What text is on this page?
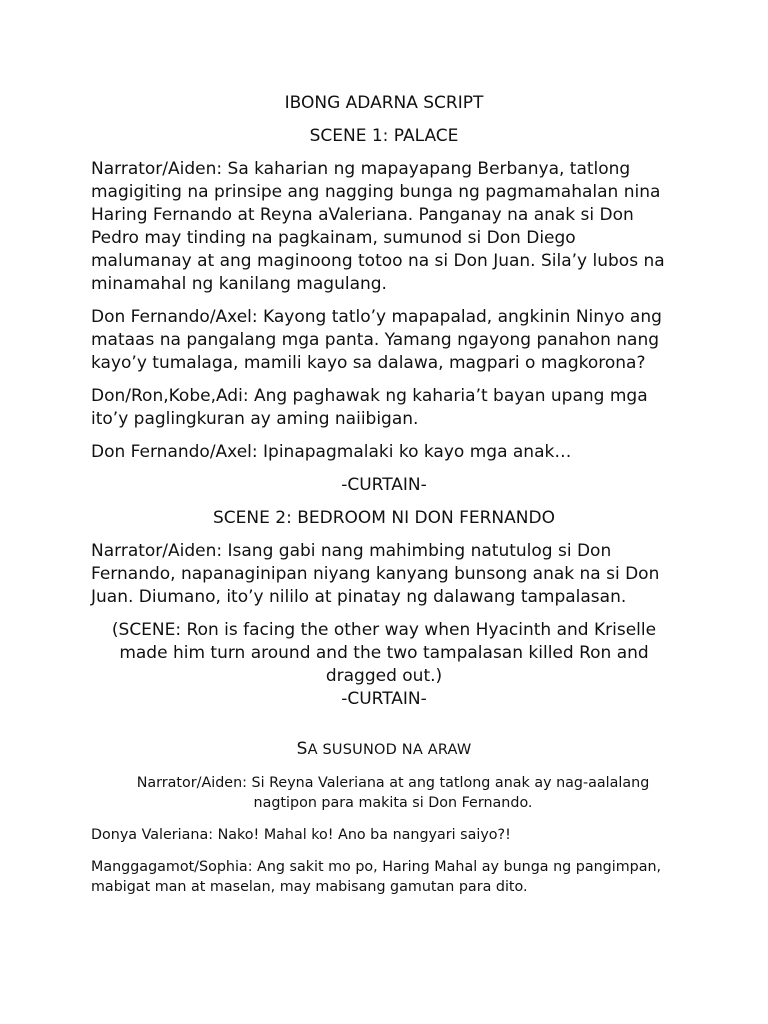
IBONG ADARNA SCRIPT
SCENE 1: PALACE
Narrator/Aiden: Sa kaharian ng mapayapang Berbanya, tatlong magigiting na prinsipe ang nagging bunga ng pagmamahalan nina Haring Fernando at Reyna aValeriana. Panganay na anak si Don Pedro may tinding na pagkainam, sumunod si Don Diego malumanay at ang maginoong totoo na si Don Juan. Sila’y lubos na minamahal ng kanilang magulang.
Don Fernando/Axel: Kayong tatlo’y mapapalad, angkinin Ninyo ang mataas na pangalang mga panta. Yamang ngayong panahon nang kayo’y tumalaga, mamili kayo sa dalawa, magpari o magkorona?
Don/Ron,Kobe,Adi: Ang paghawak ng kaharia’t bayan upang mga ito’y paglingkuran ay aming naiibigan.
Don Fernando/Axel: Ipinapagmalaki ko kayo mga anak…
-CURTAIN-
SCENE 2: BEDROOM NI DON FERNANDO
Narrator/Aiden: Isang gabi nang mahimbing natutulog si Don Fernando, napanaginipan niyang kanyang bunsong anak na si Don Juan. Diumano, ito’y nililo at pinatay ng dalawang tampalasan.
(SCENE: Ron is facing the other way when Hyacinth and Kriselle made him turn around and the two tampalasan killed Ron and dragged out.)
-CURTAIN-
SA SUSUNOD NA ARAW
Narrator/Aiden: Si Reyna Valeriana at ang tatlong anak ay nag-aalalang nagtipon para makita si Don Fernando.
Donya Valeriana: Nako! Mahal ko! Ano ba nangyari saiyo?!
Manggagamot/Sophia: Ang sakit mo po, Haring Mahal ay bunga ng pangimpan, mabigat man at maselan, may mabisang gamutan para dito.
